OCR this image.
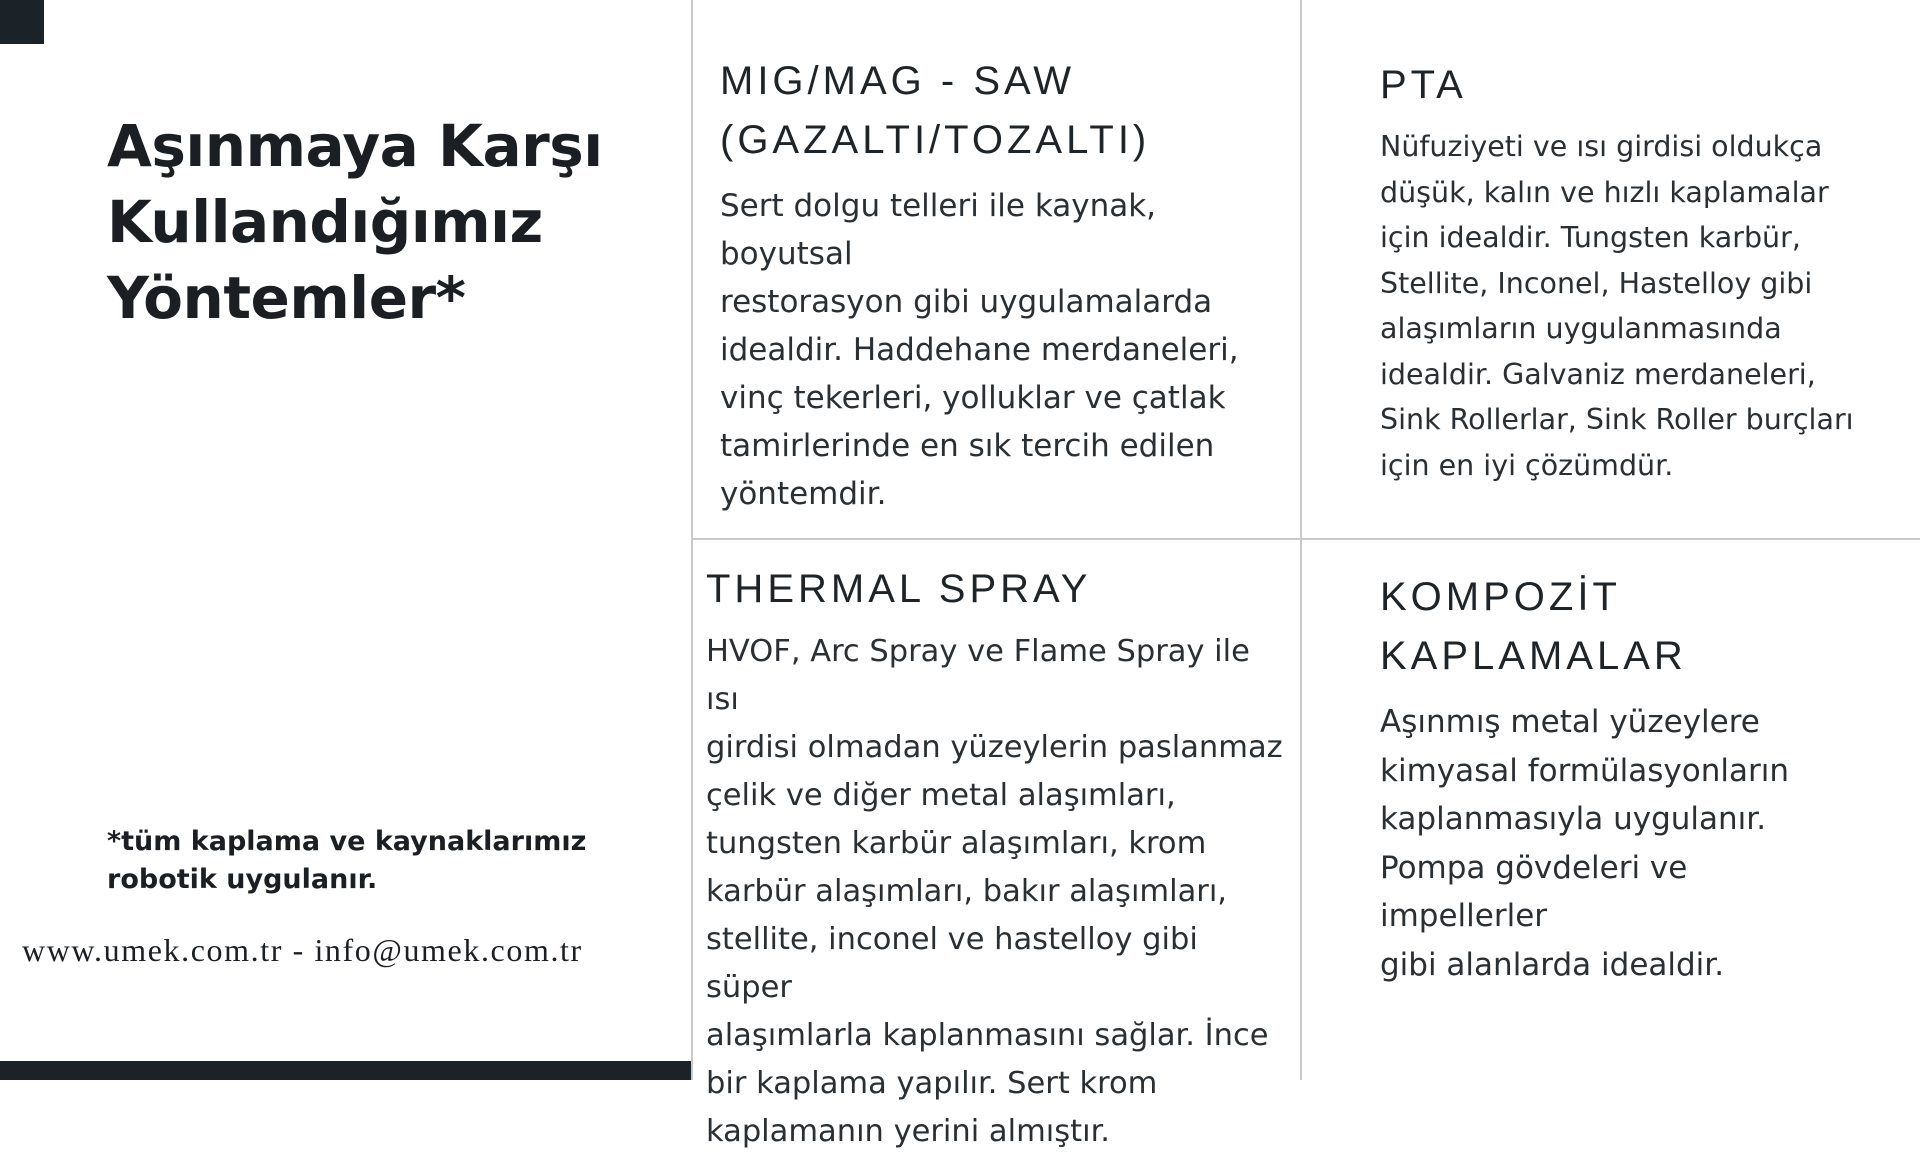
Aşınmaya Karşı
Kullandığımız
Yöntemler*

*tüm kaplama ve kaynaklarımız
robotik uygulanır.

www.umek.com.tr - info@umek.com.tr

MIG/MAG - SAW
(GAZALTI/TOZALTI)

Sert dolgu telleri ile kaynak, boyutsal
restorasyon gibi uygulamalarda
idealdir. Haddehane merdaneleri,
vinç tekerleri, yolluklar ve çatlak
tamirlerinde en sık tercih edilen
yöntemdir.

PTA

Nüfuziyeti ve ısı girdisi oldukça
düşük, kalın ve hızlı kaplamalar
için idealdir. Tungsten karbür,
Stellite, Inconel, Hastelloy gibi
alaşımların uygulanmasında
idealdir. Galvaniz merdaneleri,
Sink Rollerlar, Sink Roller burçları
için en iyi çözümdür.

THERMAL SPRAY

HVOF, Arc Spray ve Flame Spray ile ısı
girdisi olmadan yüzeylerin paslanmaz
çelik ve diğer metal alaşımları,
tungsten karbür alaşımları, krom
karbür alaşımları, bakır alaşımları,
stellite, inconel ve hastelloy gibi süper
alaşımlarla kaplanmasını sağlar. İnce
bir kaplama yapılır. Sert krom
kaplamanın yerini almıştır.

KOMPOZİT
KAPLAMALAR

Aşınmış metal yüzeylere
kimyasal formülasyonların
kaplanmasıyla uygulanır.
Pompa gövdeleri ve impellerler
gibi alanlarda idealdir.
